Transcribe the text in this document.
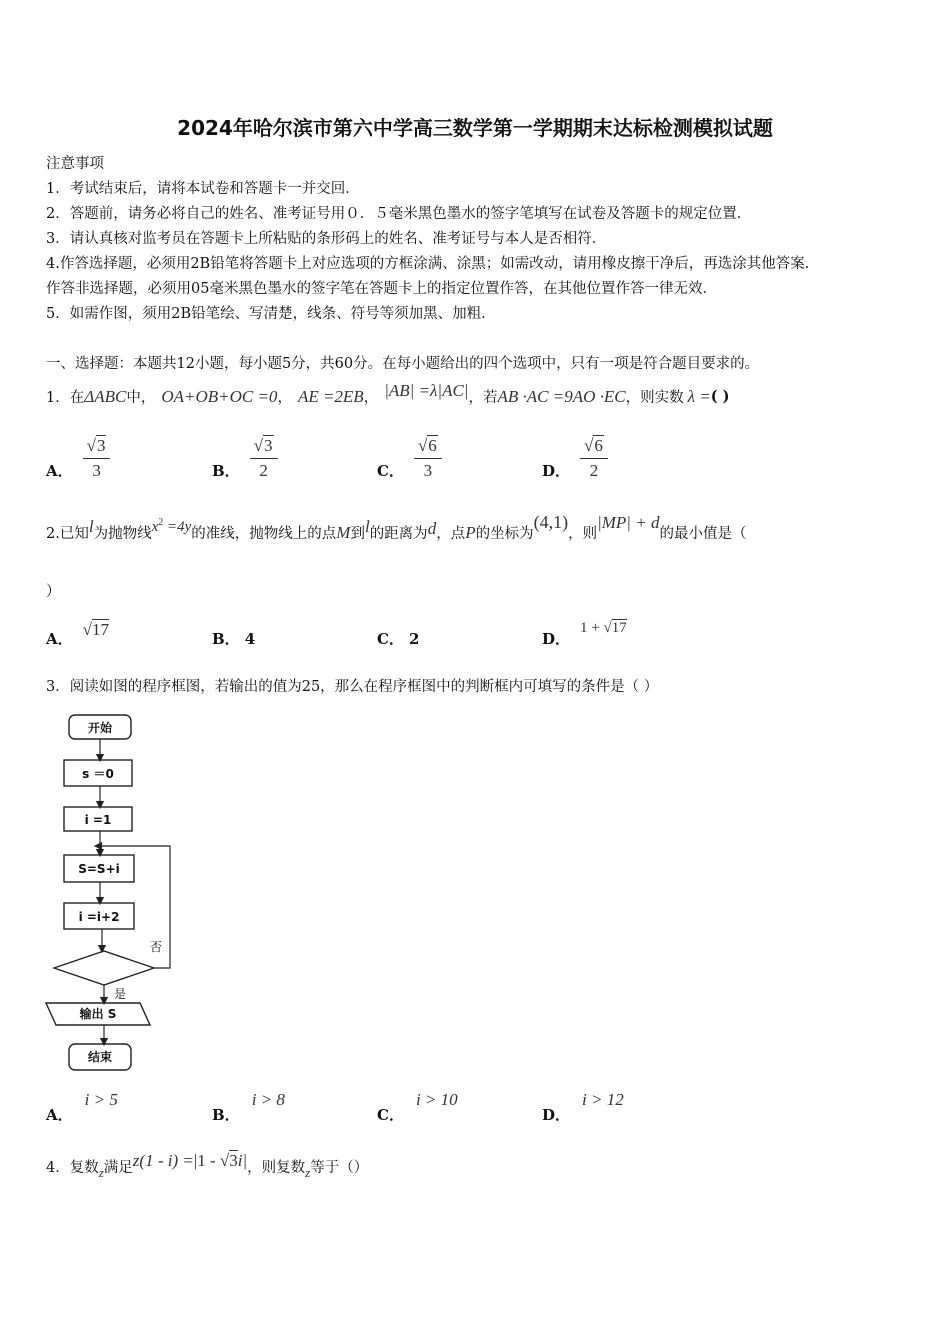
2024年哈尔滨市第六中学高三数学第一学期期末达标检测模拟试题
注意事项
1．考试结束后，请将本试卷和答题卡一并交回．
2．答题前，请务必将自己的姓名、准考证号用０．５毫米黑色墨水的签字笔填写在试卷及答题卡的规定位置．
3．请认真核对监考员在答题卡上所粘贴的条形码上的姓名、准考证号与本人是否相符．
4.作答选择题，必须用2B铅笔将答题卡上对应选项的方框涂满、涂黑；如需改动，请用橡皮擦干净后，再选涂其他答案．
作答非选择题，必须用05毫米黑色墨水的签字笔在答题卡上的指定位置作答，在其他位置作答一律无效．
5．如需作图，须用2B铅笔绘、写清楚，线条、符号等须加黑、加粗．
一、选择题：本题共12小题，每小题5分，共60分。在每小题给出的四个选项中，只有一项是符合题目要求的。
1．在 ΔABC 中， OA+OB+OC =0 ， AE =2EB ， |AB| =λ|AC| ，若 AB ·AC =9AO ·EC ，则实数 λ = ( )
A． $\frac{√3}{3}$	B． $\frac{√3}{2}$	C． $\frac{√6}{3}$	D． $\frac{√6}{2}$
2.已知 l 为抛物线 $x^2 =4y$ 的准线，抛物线上的点 M 到 l 的距离为 d ，点 P 的坐标为
(4,1)
，则
|MP| + d
的最小值是（
）
A． √17	B． 4	C． 2	D．
1 + √17
3．阅读如图的程序框图，若输出的值为25，那么在程序框图中的判断框内可填写的条件是（ ）
开始
s ＝0
i =1
S=S+i
i =i+2
否
是
输出 S
结束
A．
i > 5
B．
i > 8
C．
i > 10
D．
i > 12
4．复数 z 满足 z(1 - i) =|1 - √3i| ，则复数 z 等于（）
